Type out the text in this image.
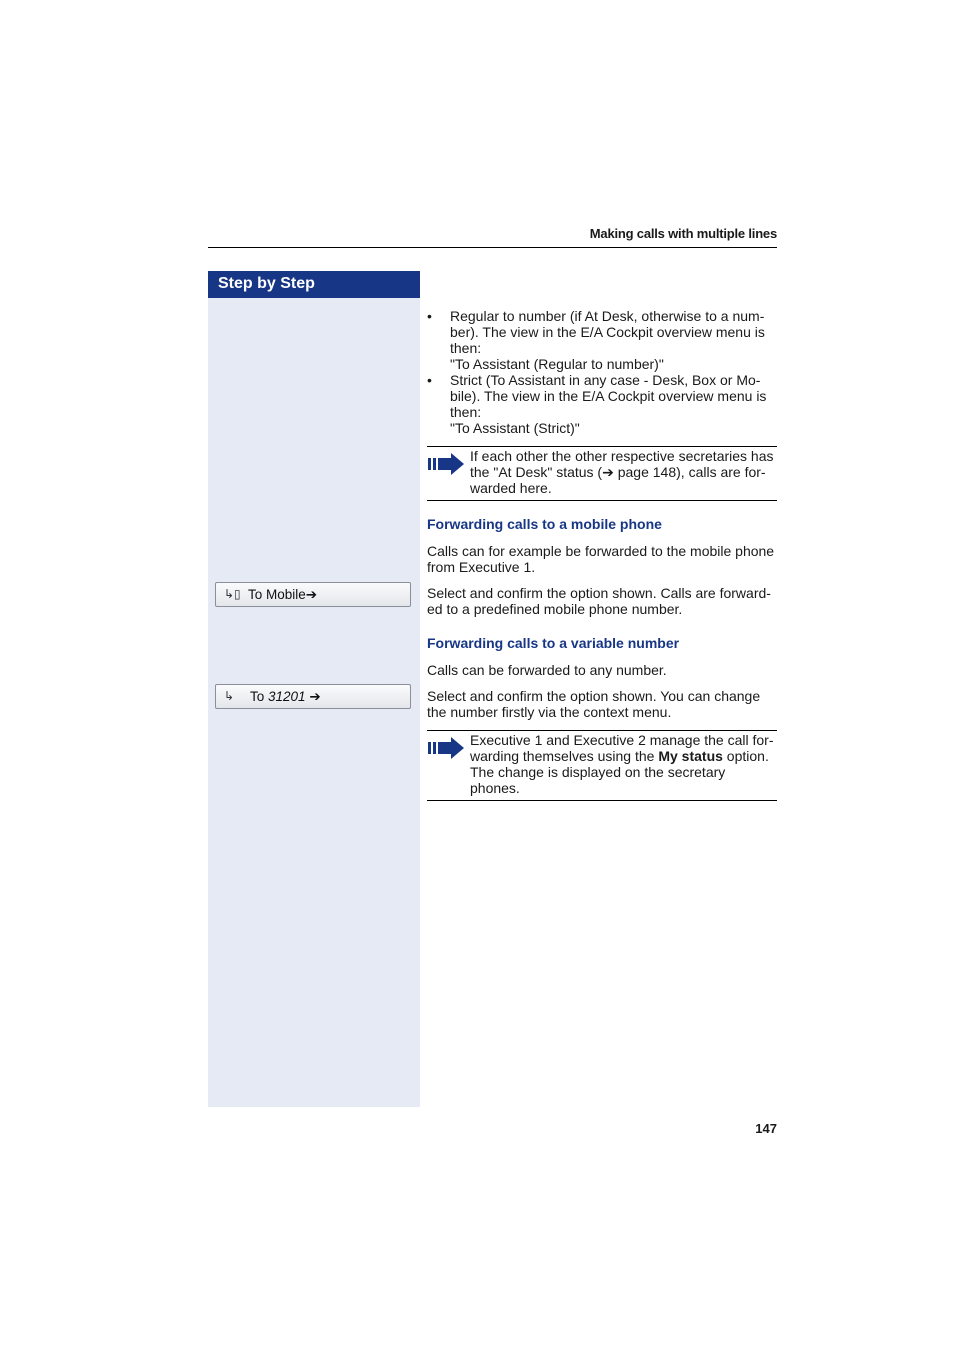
Making calls with multiple lines
Step by Step
↳▯ To Mobile➔
↳ To 31201 ➔
• Regular to number (if At Desk, otherwise to a num-
ber). The view in the E/A Cockpit overview menu is
then:
"To Assistant (Regular to number)"
• Strict (To Assistant in any case - Desk, Box or Mo-
bile). The view in the E/A Cockpit overview menu is
then:
"To Assistant (Strict)"
If each other the other respective secretaries has
the "At Desk" status (➔ page 148), calls are for-
warded here.
Forwarding calls to a mobile phone
Calls can for example be forwarded to the mobile phone
from Executive 1.
Select and confirm the option shown. Calls are forward-
ed to a predefined mobile phone number.
Forwarding calls to a variable number
Calls can be forwarded to any number.
Select and confirm the option shown. You can change
the number firstly via the context menu.
Executive 1 and Executive 2 manage the call for-
warding themselves using the My status option.
The change is displayed on the secretary
phones.
147
